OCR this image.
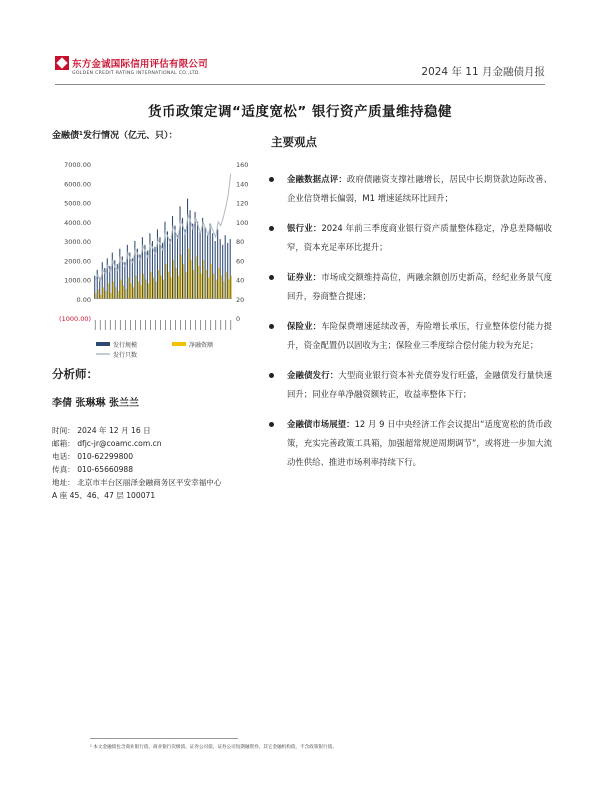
东方金诚国际信用评估有限公司
GOLDEN CREDIT RATING INTERNATIONAL CO.,LTD.	2024 年 11 月金融债月报
货币政策定调“适度宽松” 银行资产质量维持稳健
金融债¹发行情况（亿元、只）：
7000.00
6000.00
5000.00
4000.00
3000.00
2000.00
1000.00
0.00
(1000.00)
160
140
120
100
80
60
40
20
0
发行规模	净融资额
发行只数
分析师：
李倩 张琳琳 张兰兰
时间： 2024 年 12 月 16 日
邮箱： dfjc-jr@coamc.com.cn
电话： 010-62299800
传真： 010-65660988
地址： 北京市丰台区丽泽金融商务区平安幸福中心
A 座 45、46、47 层 100071
主要观点
金融数据点评：政府债融资支撑社融增长，居民中长期贷款边际改善、企业信贷增长偏弱，M1 增速延续环比回升；
银行业：2024 年前三季度商业银行资产质量整体稳定，净息差降幅收窄，资本充足率环比提升；
证券业：市场成交额维持高位，两融余额创历史新高，经纪业务景气度回升，券商整合提速；
保险业：车险保费增速延续改善，寿险增长承压，行业整体偿付能力提升，资金配置仍以固收为主；保险业三季度综合偿付能力较为充足；
金融债发行：大型商业银行资本补充债券发行旺盛，金融债发行量快速回升；同业存单净融资额转正，收益率整体下行；
金融债市场展望：12 月 9 日中央经济工作会议提出“适度宽松的货币政策，充实完善政策工具箱，加强超常规逆周期调节”，或将进一步加大流动性供给、推进市场利率持续下行。
¹ 本文金融债包含商业银行债、商业银行次级债、证券公司债、证券公司短期融资券、其它金融机构债，不含政策银行债。
